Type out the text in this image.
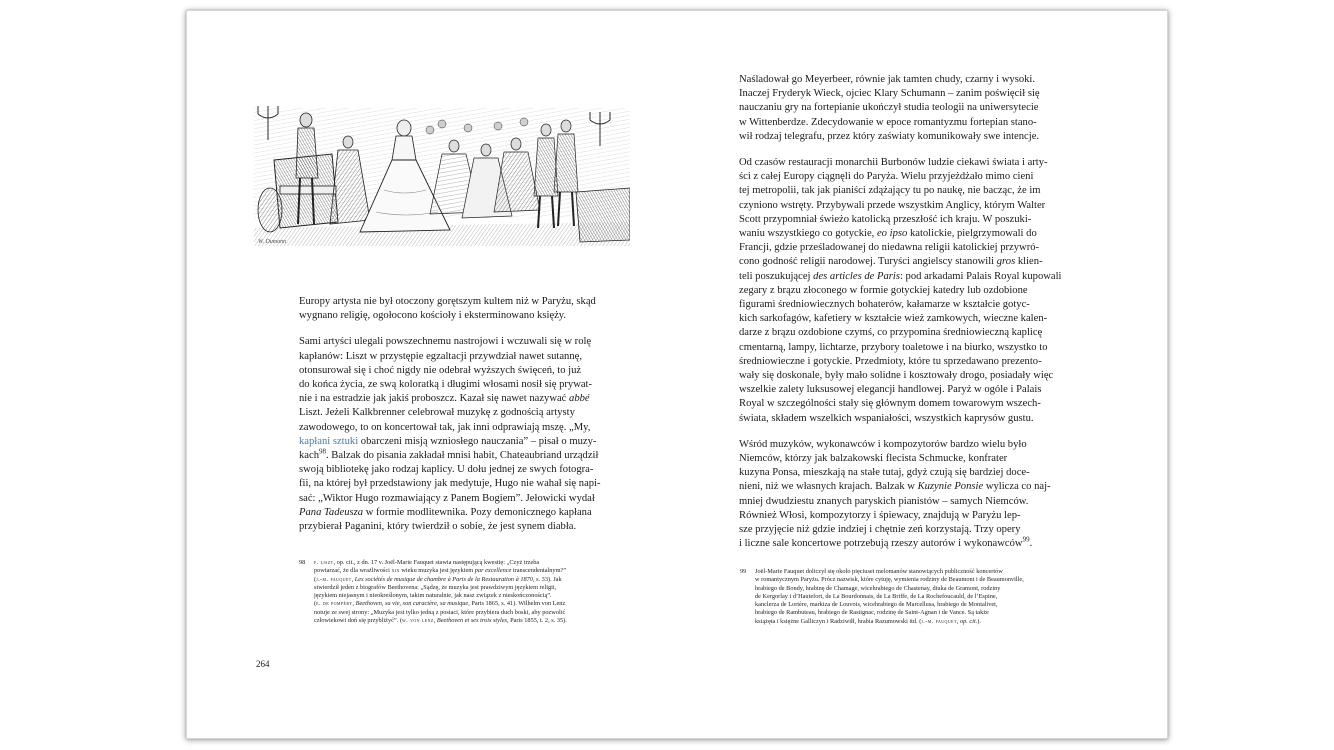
W. Dumann

Europy artysta nie był otoczony gorętszym kultem niż w Paryżu, skąd
wygnano religię, ogołocono kościoły i eksterminowano księży.

Sami artyści ulegali powszechnemu nastrojowi i wczuwali się w rolę
kapłanów: Liszt w przystępie egzaltacji przywdział nawet sutannę,
otonsurował się i choć nigdy nie odebrał wyższych święceń, to już
do końca życia, ze swą koloratką i długimi włosami nosił się prywat-
nie i na estradzie jak jakiś proboszcz. Kazał się nawet nazywać abbé
Liszt. Jeżeli Kalkbrenner celebrował muzykę z godnością artysty
zawodowego, to on koncertował tak, jak inni odprawiają mszę. „My,
kapłani sztuki obarczeni misją wzniosłego nauczania” – pisał o muzy-
kach$^{98}$. Balzak do pisania zakładał mnisi habit, Chateaubriand urządził
swoją bibliotekę jako rodzaj kaplicy. U dołu jednej ze swych fotogra-
fii, na której był przedstawiony jak medytuje, Hugo nie wahał się napi-
sać: „Wiktor Hugo rozmawiający z Panem Bogiem”. Jełowicki wydał
Pana Tadeusza w formie modlitewnika. Pozy demonicznego kapłana
przybierał Paganini, który twierdził o sobie, że jest synem diabła.

98 f. liszt, op. cit., z dn. 17 v. Joël-Marie Fauquet stawia następującą kwestię: „Czyż trzeba
powtarzać, że dla wrażliwości xix wieku muzyka jest językiem par excellence transcendentalnym?”
(j.-m. fauquet, Les sociétés de musique de chambre à Paris de la Restauration à 1870, s. 33). Jak
stwierdził jeden z biografów Beethovena: „Sądzę, że muzyka jest prawdziwym językiem religii,
językiem niejasnym i nieokreślonym, takim naturalnie, jak nasz związek z nieskończonością”.
(e. de pompéry, Beethoven, sa vie, son caractère, sa musique, Paris 1865, s. 41). Wilhelm von Lenz
notuje ze swej strony: „Muzyka jest tylko jedną z postaci, które przybiera duch boski, aby pozwolić
człowiekowi doń się przybliżyć”. (w. von lenz, Beethoven et ses trois styles, Paris 1855, t. 2, s. 35).
264

Naśladował go Meyerbeer, równie jak tamten chudy, czarny i wysoki.
Inaczej Fryderyk Wieck, ojciec Klary Schumann – zanim poświęcił się
nauczaniu gry na fortepianie ukończył studia teologii na uniwersytecie
w Wittenberdze. Zdecydowanie w epoce romantyzmu fortepian stano-
wił rodzaj telegrafu, przez który zaświaty komunikowały swe intencje.

Od czasów restauracji monarchii Burbonów ludzie ciekawi świata i arty-
ści z całej Europy ciągnęli do Paryża. Wielu przyjeżdżało mimo cieni
tej metropolii, tak jak pianiści zdążający tu po naukę, nie bacząc, że im
czyniono wstręty. Przybywali przede wszystkim Anglicy, którym Walter
Scott przypomniał świeżo katolicką przeszłość ich kraju. W poszuki-
waniu wszystkiego co gotyckie, eo ipso katolickie, pielgrzymowali do
Francji, gdzie prześladowanej do niedawna religii katolickiej przywró-
cono godność religii narodowej. Turyści angielscy stanowili gros klien-
teli poszukującej des articles de Paris: pod arkadami Palais Royal kupowali
zegary z brązu złoconego w formie gotyckiej katedry lub ozdobione
figurami średniowiecznych bohaterów, kałamarze w kształcie gotyc-
kich sarkofagów, kafetiery w kształcie wież zamkowych, wieczne kalen-
darze z brązu ozdobione czymś, co przypomina średniowieczną kaplicę
cmentarną, lampy, lichtarze, przybory toaletowe i na biurko, wszystko to
średniowieczne i gotyckie. Przedmioty, które tu sprzedawano prezento-
wały się doskonale, były mało solidne i kosztowały drogo, posiadały więc
wszelkie zalety luksusowej elegancji handlowej. Paryż w ogóle i Palais
Royal w szczególności stały się głównym domem towarowym wszech-
świata, składem wszelkich wspaniałości, wszystkich kaprysów gustu.

Wśród muzyków, wykonawców i kompozytorów bardzo wielu było
Niemców, którzy jak balzakowski flecista Schmucke, konfrater
kuzyna Ponsa, mieszkają na stałe tutaj, gdyż czują się bardziej doce-
nieni, niż we własnych krajach. Balzak w Kuzynie Ponsie wylicza co naj-
mniej dwudziestu znanych paryskich pianistów – samych Niemców.
Również Włosi, kompozytorzy i śpiewacy, znajdują w Paryżu lep-
sze przyjęcie niż gdzie indziej i chętnie zeń korzystają. Trzy opery
i liczne sale koncertowe potrzebują rzeszy autorów i wykonawców$^{99}$.

99 Joël-Marie Fauquet doliczył się około pięciuset melomanów stanowiących publiczność koncertów
w romantycznym Paryżu. Prócz nazwisk, które cytuję, wymienia rodziny de Beaumont i de Beaumonville,
hrabiego de Bondy, hrabinę de Chamage, wicehrabiego de Chastenay, diuka de Gramont, rodziny
de Kergorlay i d’Hautefort, de La Bourdonnais, de La Briffe, de La Rochefoucauld, de l’Espine,
kanclerza de Lorière, markiza de Louvois, wicehrabiego de Marcellusa, hrabiego de Montalivet,
hrabiego de Rambuteau, hrabiego de Rastignac, rodzinę de Saint-Agnan i de Vance. Są także
książęta i księżne Galliczyn i Radziwiłł, hrabia Razumowski itd. (j.-m. fauquet, op. cit.).
